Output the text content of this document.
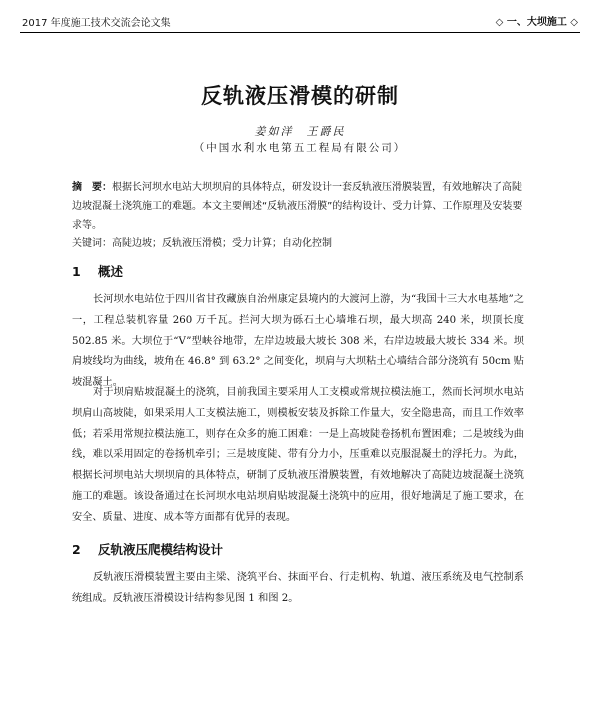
2017 年度施工技术交流会论文集	◇ 一、大坝施工 ◇
反轨液压滑模的研制
姜如洋　王爵民
（中国水利水电第五工程局有限公司）
摘　要：根据长河坝水电站大坝坝肩的具体特点，研发设计一套反轨液压滑膜装置，有效地解决了高陡边坡混凝土浇筑施工的难题。本文主要阐述“反轨液压滑膜”的结构设计、受力计算、工作原理及安装要求等。
关键词：高陡边坡；反轨液压滑模；受力计算；自动化控制
1 概述
长河坝水电站位于四川省甘孜藏族自治州康定县境内的大渡河上游，为“我国十三大水电基地”之一，工程总装机容量 260 万千瓦。拦河大坝为砾石土心墙堆石坝，最大坝高 240 米，坝顶长度 502.85 米。大坝位于“V”型峡谷地带，左岸边坡最大坡长 308 米，右岸边坡最大坡长 334 米。坝肩坡线均为曲线，坡角在 46.8° 到 63.2° 之间变化，坝肩与大坝粘土心墙结合部分浇筑有 50cm 贴坡混凝土。
对于坝肩贴坡混凝土的浇筑，目前我国主要采用人工支模或常规拉模法施工，然而长河坝水电站坝肩山高坡陡，如果采用人工支模法施工，则模板安装及拆除工作量大，安全隐患高，而且工作效率低；若采用常规拉模法施工，则存在众多的施工困难：一是上高坡陡卷扬机布置困难；二是坡线为曲线，难以采用固定的卷扬机牵引；三是坡度陡、带有分力小，压重难以克服混凝土的浮托力。为此，根据长河坝电站大坝坝肩的具体特点，研制了反轨液压滑膜装置，有效地解决了高陡边坡混凝土浇筑施工的难题。该设备通过在长河坝水电站坝肩贴坡混凝土浇筑中的应用，很好地满足了施工要求，在安全、质量、进度、成本等方面都有优异的表现。
2 反轨液压爬模结构设计
反轨液压滑模装置主要由主梁、浇筑平台、抹面平台、行走机构、轨道、液压系统及电气控制系统组成。反轨液压滑模设计结构参见图 1 和图 2。
